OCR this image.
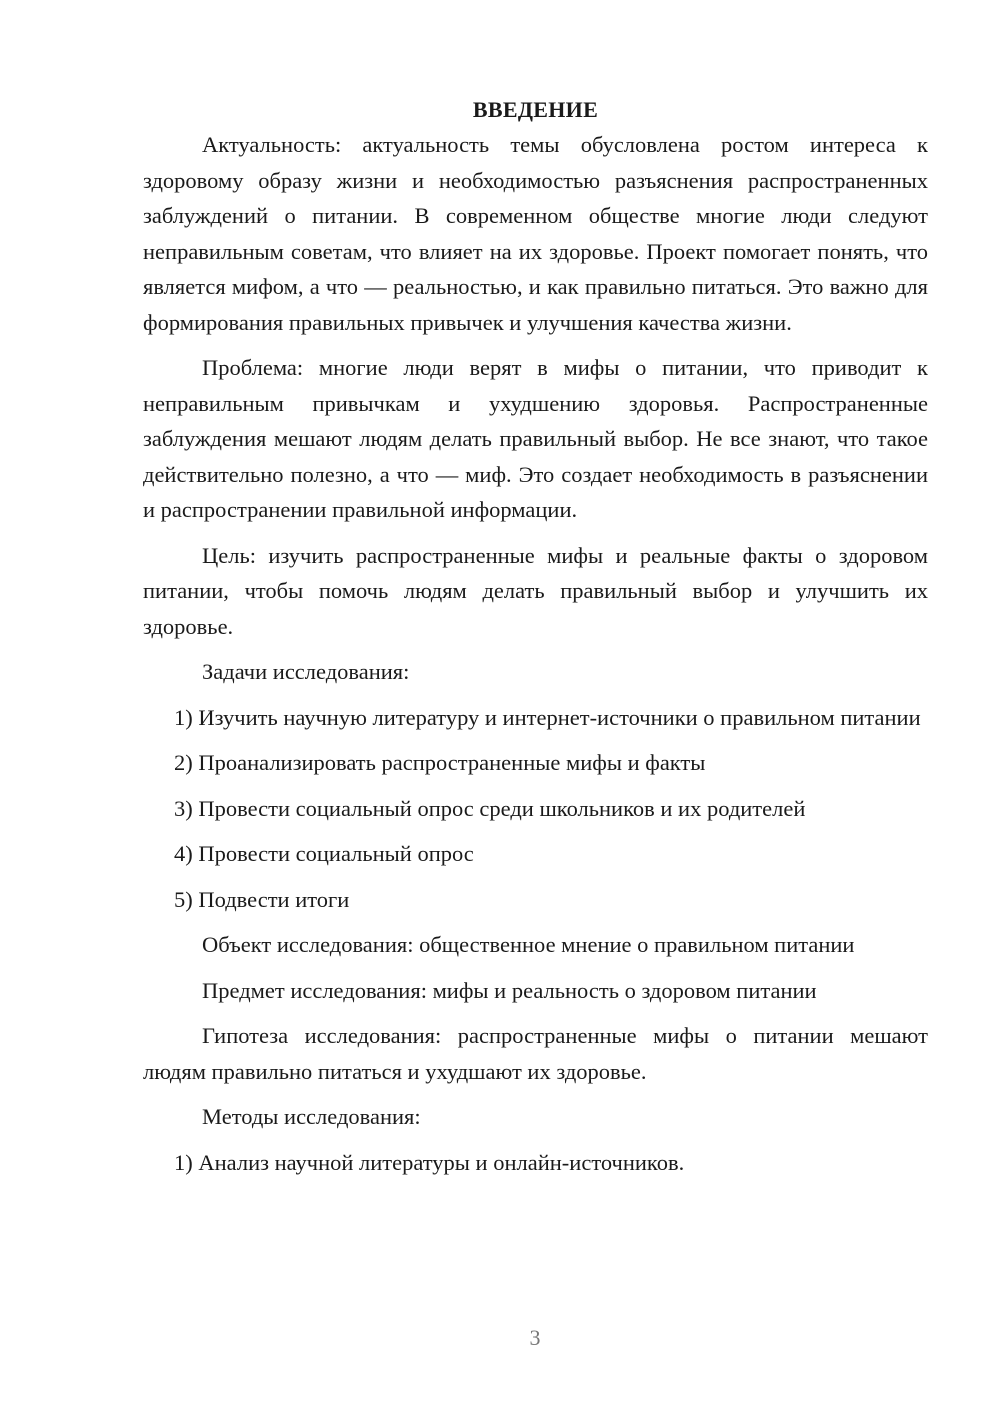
ВВЕДЕНИЕ

Актуальность: актуальность темы обусловлена ростом интереса к здоровому образу жизни и необходимостью разъяснения распространенных заблуждений о питании. В современном обществе многие люди следуют неправильным советам, что влияет на их здоровье. Проект помогает понять, что является мифом, а что — реальностью, и как правильно питаться. Это важно для формирования правильных привычек и улучшения качества жизни.

Проблема: многие люди верят в мифы о питании, что приводит к неправильным привычкам и ухудшению здоровья. Распространенные заблуждения мешают людям делать правильный выбор. Не все знают, что такое действительно полезно, а что — миф. Это создает необходимость в разъяснении и распространении правильной информации.

Цель: изучить распространенные мифы и реальные факты о здоровом питании, чтобы помочь людям делать правильный выбор и улучшить их здоровье.

Задачи исследования:

1) Изучить научную литературу и интернет-источники о правильном питании

2) Проанализировать распространенные мифы и факты

3) Провести социальный опрос среди школьников и их родителей

4) Провести социальный опрос

5) Подвести итоги

Объект исследования: общественное мнение о правильном питании

Предмет исследования: мифы и реальность о здоровом питании

Гипотеза исследования: распространенные мифы о питании мешают людям правильно питаться и ухудшают их здоровье.

Методы исследования:

1) Анализ научной литературы и онлайн-источников.

3
